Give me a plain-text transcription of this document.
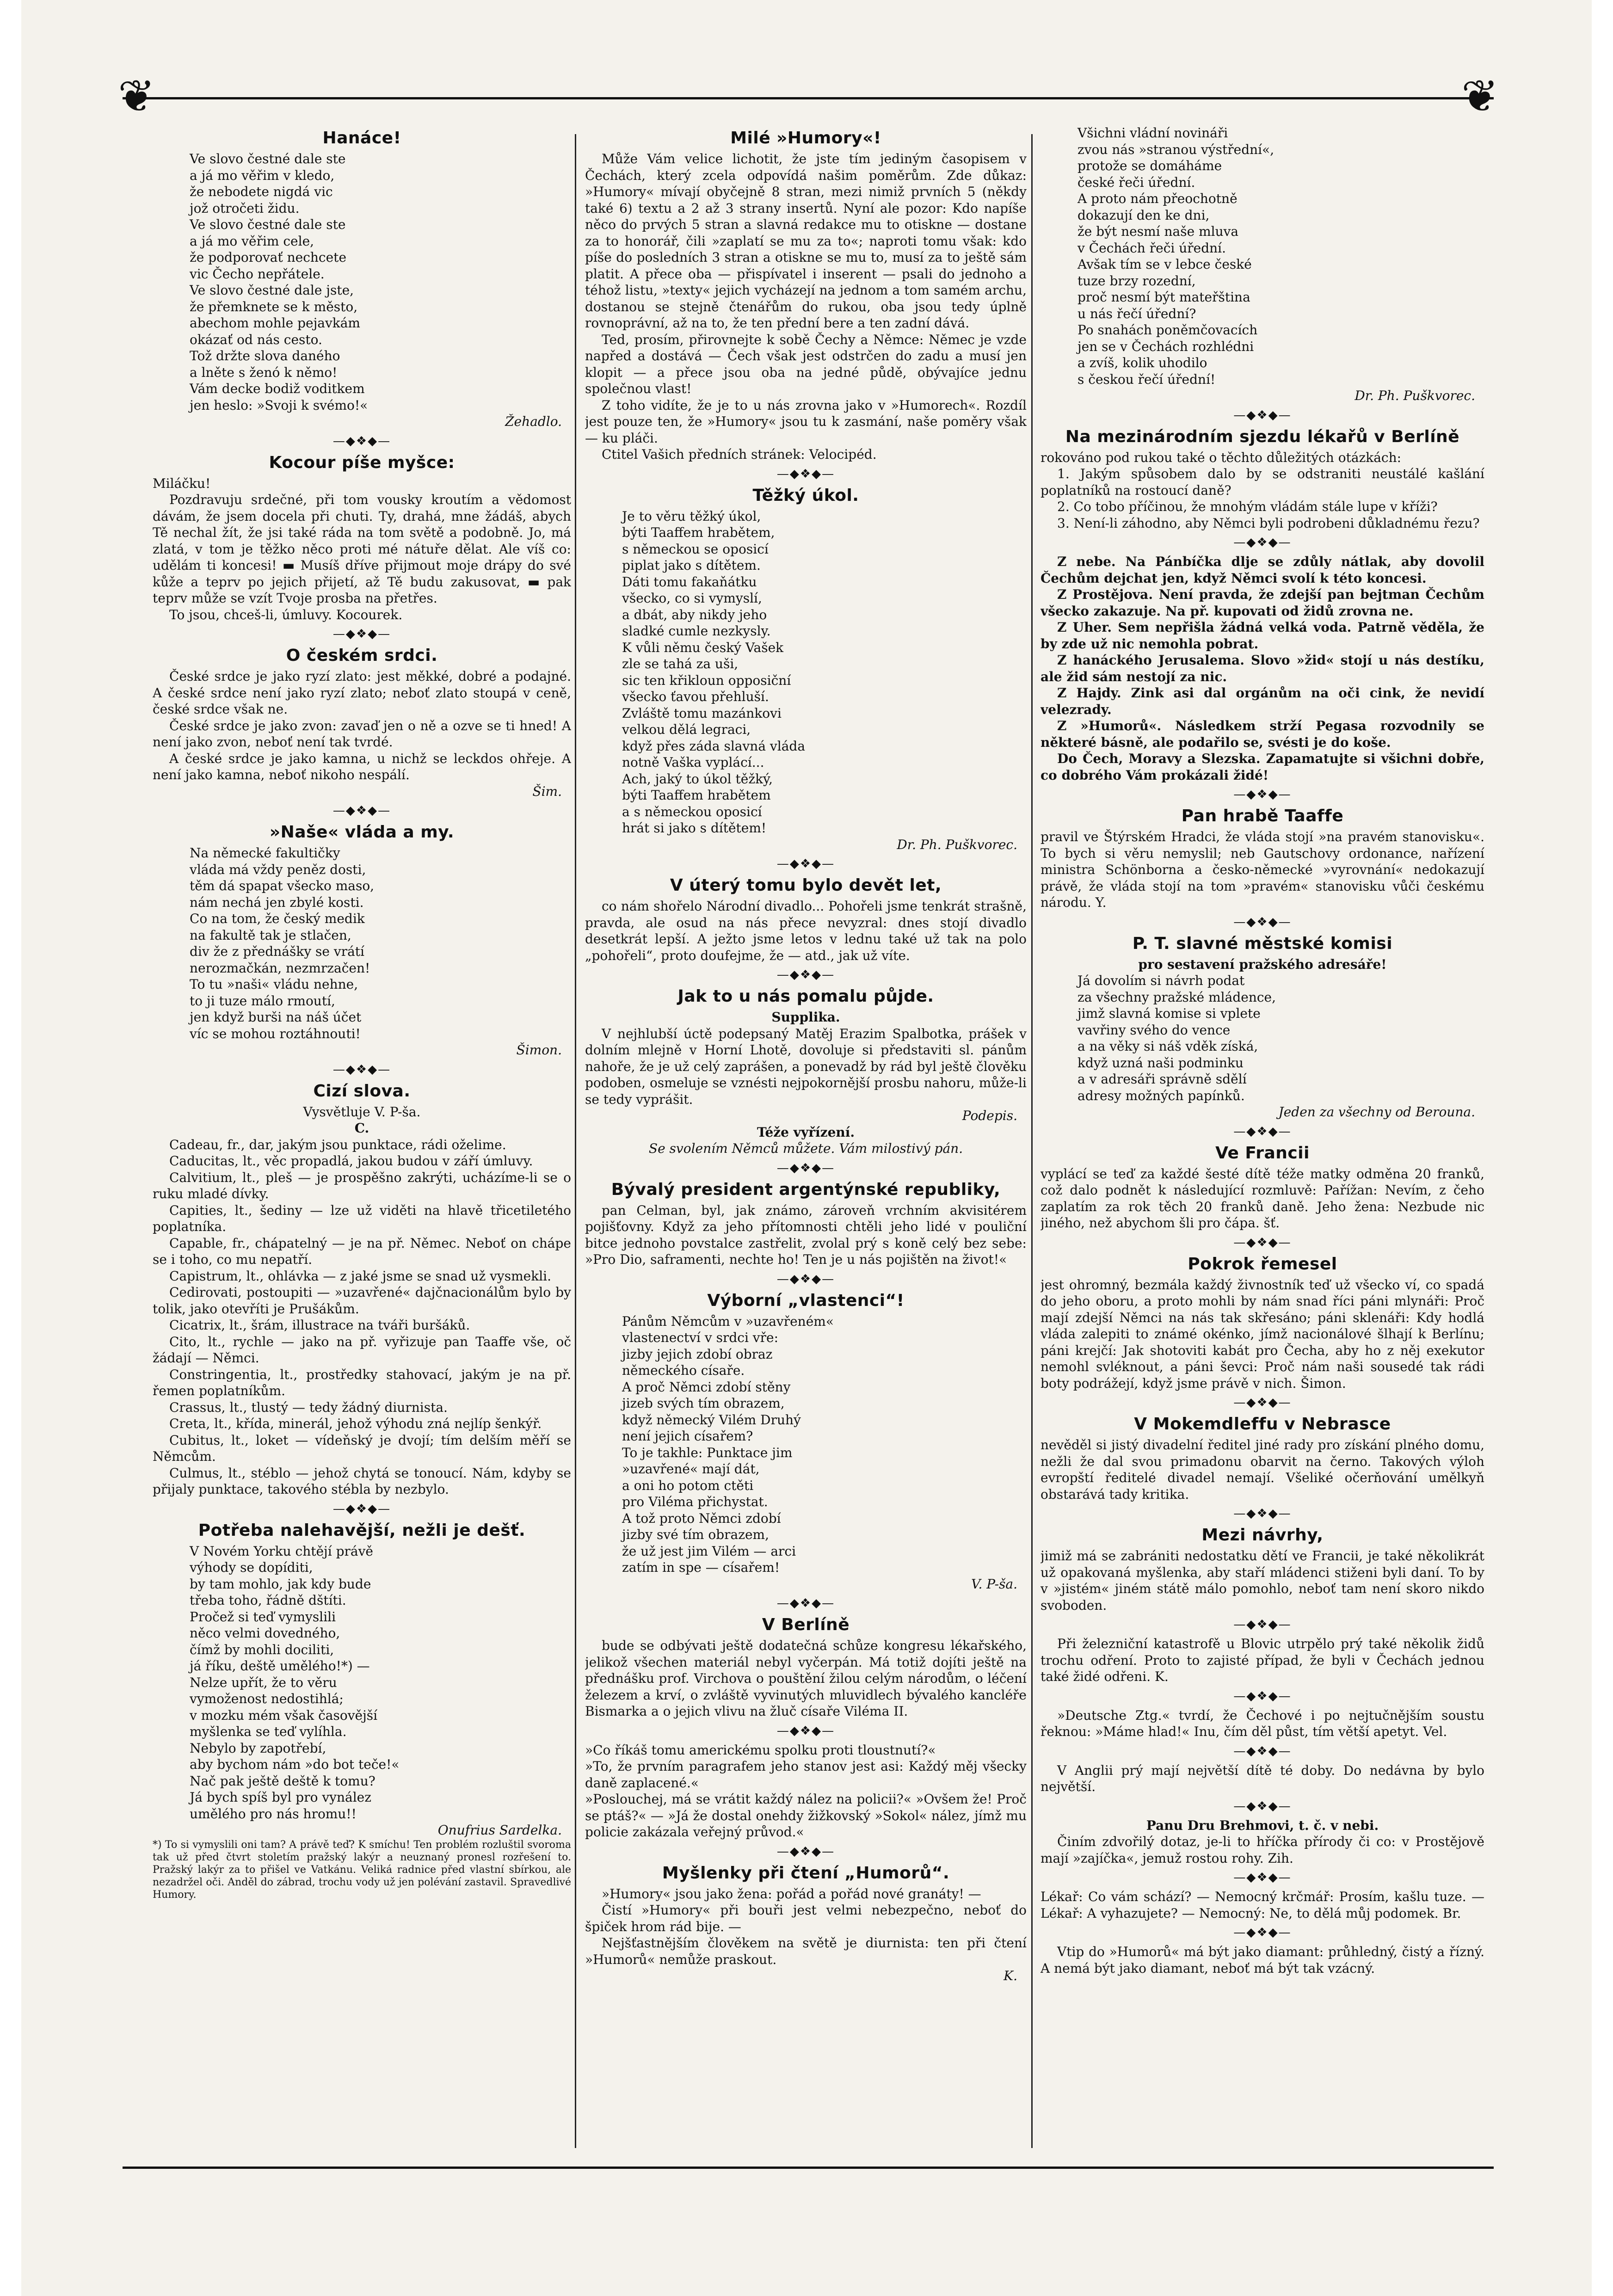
❦	❦
Hanáce!
Ve slovo čestné dale ste
a já mo věřim v kledo,
že nebodete nigdá vic
jož otročeti židu.
Ve slovo čestné dale ste
a já mo věřim cele,
že podporovať nechcete
vic Čecho nepřátele.
Ve slovo čestné dale jste,
že přemknete se k město,
abechom mohle pejavkám
okázať od nás cesto.
Tož držte slova daného
a lněte s ženó k němo!
Vám decke bodiž voditkem
jen heslo: »Svoji k svémo!«
Žehadlo.
—◆❖◆—
Kocour píše myšce:

Miláčku!

Pozdravuju srdečné, při tom vousky kroutím a vědomost dávám, že jsem docela při chuti. Ty, drahá, mne žádáš, abych Tě nechal žít, že jsi také ráda na tom světě a podobně. Jo, má zlatá, v tom je těžko něco proti mé nátuře dělat. Ale víš co: udělám ti koncesi! ▬ Musíš dříve přijmout moje drápy do své kůže a teprv po jejich přijetí, až Tě budu zakusovat, ▬ pak teprv může se vzít Tvoje prosba na přetřes.

To jsou, chceš-li, úmluvy. Kocourek.

—◆❖◆—
O českém srdci.

České srdce je jako ryzí zlato: jest měkké, dobré a podajné. A české srdce není jako ryzí zlato; neboť zlato stoupá v ceně, české srdce však ne.

České srdce je jako zvon: zavaď jen o ně a ozve se ti hned! A není jako zvon, neboť není tak tvrdé.

A české srdce je jako kamna, u nichž se leckdos ohřeje. A není jako kamna, neboť nikoho nespálí.

Šim.
—◆❖◆—
»Naše« vláda a my.
Na německé fakultičky
vláda má vždy peněz dosti,
těm dá spapat všecko maso,
nám nechá jen zbylé kosti.
Co na tom, že český medik
na fakultě tak je stlačen,
div že z přednášky se vrátí
nerozmačkán, nezmrzačen!
To tu »naši« vládu nehne,
to ji tuze málo rmoutí,
jen když burši na náš účet
víc se mohou roztáhnouti!
Šimon.
—◆❖◆—
Cizí slova.
Vysvětluje V. P-ša.
C.

Cadeau, fr., dar, jakým jsou punktace, rádi oželime.

Caducitas, lt., věc propadlá, jakou budou v září úmluvy.

Calvitium, lt., pleš — je prospěšno zakrýti, ucházíme-li se o ruku mladé dívky.

Capities, lt., šediny — lze už viděti na hlavě třicetiletého poplatníka.

Capable, fr., chápatelný — je na př. Němec. Neboť on chápe se i toho, co mu nepatří.

Capistrum, lt., ohlávka — z jaké jsme se snad už vysmekli.

Cedirovati, postoupiti — »uzavřené« dajčnacionálům bylo by tolik, jako otevříti je Prušákům.

Cicatrix, lt., šrám, illustrace na tváři buršáků.

Cito, lt., rychle — jako na př. vyřizuje pan Taaffe vše, oč žádají — Němci.

Constringentia, lt., prostředky stahovací, jakým je na př. řemen poplatníkům.

Crassus, lt., tlustý — tedy žádný diurnista.

Creta, lt., křída, minerál, jehož výhodu zná nejlíp šenkýř.

Cubitus, lt., loket — vídeňský je dvojí; tím delším měří se Němcům.

Culmus, lt., stéblo — jehož chytá se tonoucí. Nám, kdyby se přijaly punktace, takového stébla by nezbylo.

—◆❖◆—
Potřeba nalehavější, nežli je dešť.
V Novém Yorku chtějí právě
výhody se dopíditi,
by tam mohlo, jak kdy bude
třeba toho, řádně dštíti.
Pročež si teď vymyslili
něco velmi dovedného,
čímž by mohli dociliti,
já říku, deště umělého!*) —
Nelze upřít, že to věru
vymoženost nedostihlá;
v mozku mém však časovější
myšlenka se teď vylíhla.
Nebylo by zapotřebí,
aby bychom nám »do bot teče!«
Nač pak ještě deště k tomu?
Já bych spíš byl pro vynález
umělého pro nás hromu!!
Onufrius Sardelka.

*) To si vymyslili oni tam? A právě teď? K smíchu! Ten problém rozluštil svoroma tak už před čtvrt stoletím pražský lakýr a neuznaný pronesl rozřešení to. Pražský lakýr za to přišel ve Vatkánu. Veliká radnice před vlastní sbírkou, ale nezadržel oči. Anděl do zábrad, trochu vody už jen polévání zastavil. Spravedlivé Humory.

Milé »Humory«!

Může Vám velice lichotit, že jste tím jediným časopisem v Čechách, který zcela odpovídá našim poměrům. Zde důkaz: »Humory« mívají obyčejně 8 stran, mezi nimiž prvních 5 (někdy také 6) textu a 2 až 3 strany insertů. Nyní ale pozor: Kdo napíše něco do prvých 5 stran a slavná redakce mu to otiskne — dostane za to honorář, čili »zaplatí se mu za to«; naproti tomu však: kdo píše do posledních 3 stran a otiskne se mu to, musí za to ještě sám platit. A přece oba — přispívatel i inserent — psali do jednoho a téhož listu, »texty« jejich vycházejí na jednom a tom samém archu, dostanou se stejně čtenářům do rukou, oba jsou tedy úplně rovnoprávní, až na to, že ten přední bere a ten zadní dává.

Ted, prosím, přirovnejte k sobě Čechy a Němce: Němec je vzde napřed a dostává — Čech však jest odstrčen do zadu a musí jen klopit — a přece jsou oba na jedné půdě, obývajíce jednu společnou vlast!

Z toho vidíte, že je to u nás zrovna jako v »Humorech«. Rozdíl jest pouze ten, že »Humory« jsou tu k zasmání, naše poměry však — ku pláči.

Ctitel Vašich předních stránek: Velocipéd.

—◆❖◆—
Těžký úkol.
Je to věru těžký úkol,
býti Taaffem hrabětem,
s německou se oposicí
piplat jako s dítětem.
Dáti tomu fakaňátku
všecko, co si vymyslí,
a dbát, aby nikdy jeho
sladké cumle nezkysly.
K vůli němu český Vašek
zle se tahá za uši,
sic ten křikloun opposiční
všecko ťavou přehluší.
Zvláště tomu mazánkovi
velkou dělá legraci,
když přes záda slavná vláda
notně Vaška vyplácí...
Ach, jaký to úkol těžký,
býti Taaffem hrabětem
a s německou oposicí
hrát si jako s dítětem!
Dr. Ph. Puškvorec.
—◆❖◆—
V úterý tomu bylo devět let,

co nám shořelo Národní divadlo... Pohořeli jsme tenkrát strašně, pravda, ale osud na nás přece nevyzral: dnes stojí divadlo desetkrát lepší. A ježto jsme letos v lednu také už tak na polo „pohořeli“, proto doufejme, že — atd., jak už víte.

—◆❖◆—
Jak to u nás pomalu půjde.
Supplika.

V nejhlubší úctě podepsaný Matěj Erazim Spalbotka, prášek v dolním mlejně v Horní Lhotě, dovoluje si představiti sl. pánům nahoře, že je už celý zaprášen, a ponevadž by rád byl ještě člověku podoben, osmeluje se vznésti nejpokornější prosbu nahoru, může-li se tedy vyprášit.

Podepis.
Téže vyřízení.
Se svolením Němců můžete. Vám milostivý pán.
—◆❖◆—
Bývalý president argentýnské republiky,

pan Celman, byl, jak známo, zároveň vrchním akvisitérem pojišťovny. Když za jeho přítomnosti chtěli jeho lidé v pouliční bitce jednoho povstalce zastřelit, zvolal prý s koně celý bez sebe: »Pro Dio, saframenti, nechte ho! Ten je u nás pojištěn na život!«

—◆❖◆—
Výborní „vlastenci“!
Pánům Němcům v »uzavřeném«
vlastenectví v srdci vře:
jizby jejich zdobí obraz
německého císaře.
A proč Němci zdobí stěny
jizeb svých tím obrazem,
když německý Vilém Druhý
není jejich císařem?
To je takhle: Punktace jim
»uzavřené« mají dát,
a oni ho potom ctěti
pro Viléma přichystat.
A tož proto Němci zdobí
jizby své tím obrazem,
že už jest jim Vilém — arci
zatím in spe — císařem!
V. P-ša.
—◆❖◆—
V Berlíně

bude se odbývati ještě dodatečná schůze kongresu lékařského, jelikož všechen materiál nebyl vyčerpán. Má totiž dojíti ještě na přednášku prof. Virchova o pouštění žilou celým národům, o léčení železem a krví, o zvláště vyvinutých mluvidlech bývalého kancléře Bismarka a o jejich vlivu na žluč císaře Viléma II.

—◆❖◆—

»Co říkáš tomu americkému spolku proti tloustnutí?«

»To, že prvním paragrafem jeho stanov jest asi: Každý měj všecky daně zaplacené.«

»Poslouchej, má se vrátit každý nález na policii?« »Ovšem že! Proč se ptáš?« — »Já že dostal onehdy žižkovský »Sokol« nález, jímž mu policie zakázala veřejný průvod.«

—◆❖◆—
Myšlenky při čtení „Humorů“.

»Humory« jsou jako žena: pořád a pořád nové granáty! —

Čistí »Humory« při bouři jest velmi nebezpečno, neboť do špiček hrom rád bije. —

Nejšťastnějším člověkem na světě je diurnista: ten při čtení »Humorů« nemůže praskout.

K.
Všichni vládní novináři
zvou nás »stranou výstřední«,
protože se domáháme
české řeči úřední.
A proto nám přeochotně
dokazují den ke dni,
že být nesmí naše mluva
v Čechách řeči úřední.
Avšak tím se v lebce české
tuze brzy rozední,
proč nesmí být mateřština
u nás řečí úřední?
Po snahách poněmčovacích
jen se v Čechách rozhlédni
a zvíš, kolik uhodilo
s českou řečí úřední!
Dr. Ph. Puškvorec.
—◆❖◆—
Na mezinárodním sjezdu lékařů v Berlíně

rokováno pod rukou také o těchto důležitých otázkách:

1. Jakým spůsobem dalo by se odstraniti neustálé kašlání poplatníků na rostoucí daně?

2. Co tobo příčinou, že mnohým vládám stále lupe v kříži?

3. Není-li záhodno, aby Němci byli podrobeni důkladnému řezu?

—◆❖◆—

Z nebe. Na Pánbíčka dlje se zdůly nátlak, aby dovolil Čechům dejchat jen, když Němci svolí k této koncesi.

Z Prostějova. Není pravda, že zdejší pan bejtman Čechům všecko zakazuje. Na př. kupovati od židů zrovna ne.

Z Uher. Sem nepřišla žádná velká voda. Patrně věděla, že by zde už nic nemohla pobrat.

Z hanáckého Jerusalema. Slovo »žid« stojí u nás destíku, ale žid sám nestojí za nic.

Z Hajdy. Zink asi dal orgánům na oči cink, že nevidí velezrady.

Z »Humorů«. Následkem strží Pegasa rozvodnily se některé básně, ale podařilo se, svésti je do koše.

Do Čech, Moravy a Slezska. Zapamatujte si všichni dobře, co dobrého Vám prokázali židé!

—◆❖◆—
Pan hrabě Taaffe

pravil ve Štýrském Hradci, že vláda stojí »na pravém stanovisku«. To bych si věru nemyslil; neb Gautschovy ordonance, nařízení ministra Schönborna a česko-německé »vyrovnání« nedokazují právě, že vláda stojí na tom »pravém« stanovisku vůči českému národu. Y.

—◆❖◆—
P. T. slavné městské komisi
pro sestavení pražského adresáře!
Já dovolím si návrh podat
za všechny pražské mládence,
jimž slavná komise si vplete
vavřiny svého do vence
a na věky si náš vděk získá,
když uzná naši podminku
a v adresáři správně sdělí
adresy možných papínků.
Jeden za všechny od Berouna.
—◆❖◆—
Ve Francii

vyplácí se teď za každé šesté dítě téže matky odměna 20 franků, což dalo podnět k následující rozmluvě: Pařížan: Nevím, z čeho zaplatím za rok těch 20 franků daně. Jeho žena: Nezbude nic jiného, než abychom šli pro čápa. šť.

—◆❖◆—
Pokrok řemesel

jest ohromný, bezmála každý živnostník teď už všecko ví, co spadá do jeho oboru, a proto mohli by nám snad říci páni mlynáři: Proč mají zdejší Němci na nás tak skřesáno; páni sklenáři: Kdy hodlá vláda zalepiti to známé okénko, jímž nacionálové šlhají k Berlínu; páni krejčí: Jak shotoviti kabát pro Čecha, aby ho z něj exekutor nemohl svléknout, a páni ševci: Proč nám naši sousedé tak rádi boty podrážejí, když jsme právě v nich. Šimon.

—◆❖◆—
V Mokemdleffu v Nebrasce

nevěděl si jistý divadelní ředitel jiné rady pro získání plného domu, nežli že dal svou primadonu obarvit na černo. Takových výloh evropští ředitelé divadel nemají. Všeliké očerňování umělkyň obstarává tady kritika.

—◆❖◆—
Mezi návrhy,

jimiž má se zabrániti nedostatku dětí ve Francii, je také několikrát už opakovaná myšlenka, aby staří mládenci stiženi byli daní. To by v »jistém« jiném státě málo pomohlo, neboť tam není skoro nikdo svoboden.

—◆❖◆—

Při železniční katastrofě u Blovic utrpělo prý také několik židů trochu odření. Proto to zajisté případ, že byli v Čechách jednou také židé odřeni. K.

—◆❖◆—

»Deutsche Ztg.« tvrdí, že Čechové i po nejtučnějším soustu řeknou: »Máme hlad!« Inu, čím děl půst, tím větší apetyt. Vel.

—◆❖◆—

V Anglii prý mají největší dítě té doby. Do nedávna by bylo největší.

—◆❖◆—
Panu Dru Brehmovi, t. č. v nebi.

Činím zdvořilý dotaz, je-li to hříčka přírody či co: v Prostějově mají »zajíčka«, jemuž rostou rohy. Zih.

—◆❖◆—

Lékař: Co vám schází? — Nemocný krčmář: Prosím, kašlu tuze. — Lékař: A vyhazujete? — Nemocný: Ne, to dělá můj podomek. Br.

—◆❖◆—

Vtip do »Humorů« má být jako diamant: průhledný, čistý a řízný. A nemá být jako diamant, neboť má být tak vzácný.
